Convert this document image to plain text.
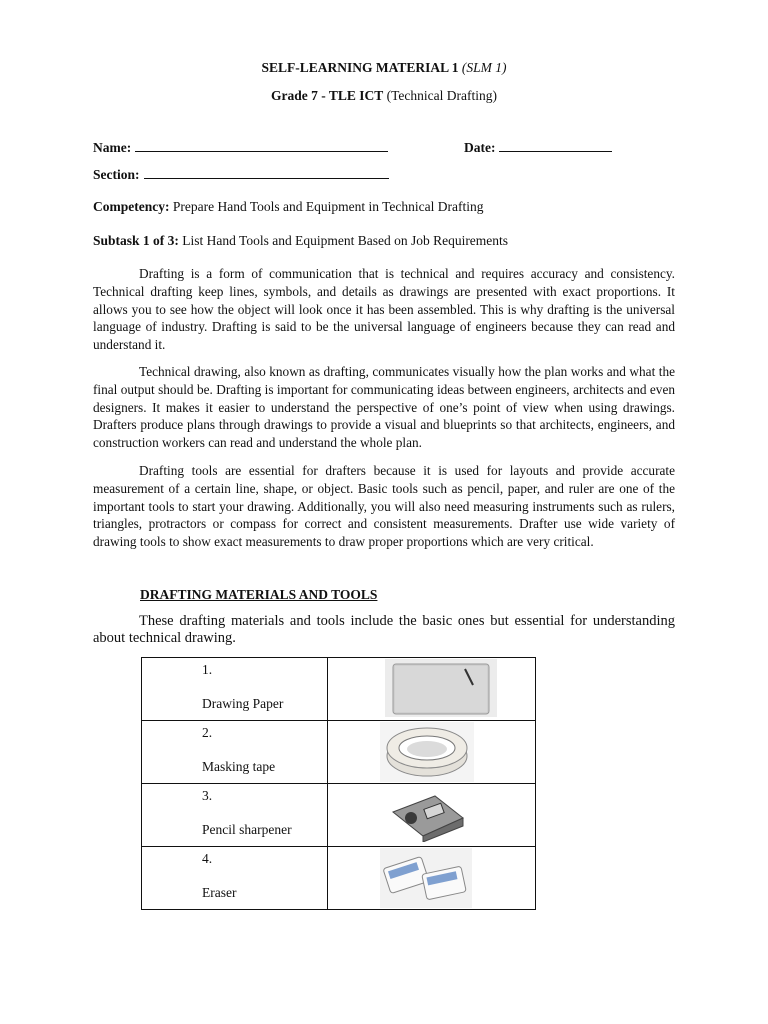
SELF-LEARNING MATERIAL 1 (SLM 1)
Grade 7 - TLE ICT (Technical Drafting)
Name:	Date:
Section:
Competency: Prepare Hand Tools and Equipment in Technical Drafting
Subtask 1 of 3: List Hand Tools and Equipment Based on Job Requirements

Drafting is a form of communication that is technical and requires accuracy and consistency. Technical drafting keep lines, symbols, and details as drawings are presented with exact proportions. It allows you to see how the object will look once it has been assembled. This is why drafting is the universal language of industry. Drafting is said to be the universal language of engineers because they can read and understand it.

Technical drawing, also known as drafting, communicates visually how the plan works and what the final output should be. Drafting is important for communicating ideas between engineers, architects and even designers. It makes it easier to understand the perspective of one’s point of view when using drawings. Drafters produce plans through drawings to provide a visual and blueprints so that architects, engineers, and construction workers can read and understand the whole plan.

Drafting tools are essential for drafters because it is used for layouts and provide accurate measurement of a certain line, shape, or object. Basic tools such as pencil, paper, and ruler are one of the important tools to start your drawing. Additionally, you will also need measuring instruments such as rulers, triangles, protractors or compass for correct and consistent measurements. Drafter use wide variety of drawing tools to show exact measurements to draw proper proportions which are very critical.

DRAFTING MATERIALS AND TOOLS

These drafting materials and tools include the basic ones but essential for understanding about technical drawing.

1.

Drawing Paper

2.

Masking tape

3.

Pencil sharpener

4.

Eraser
